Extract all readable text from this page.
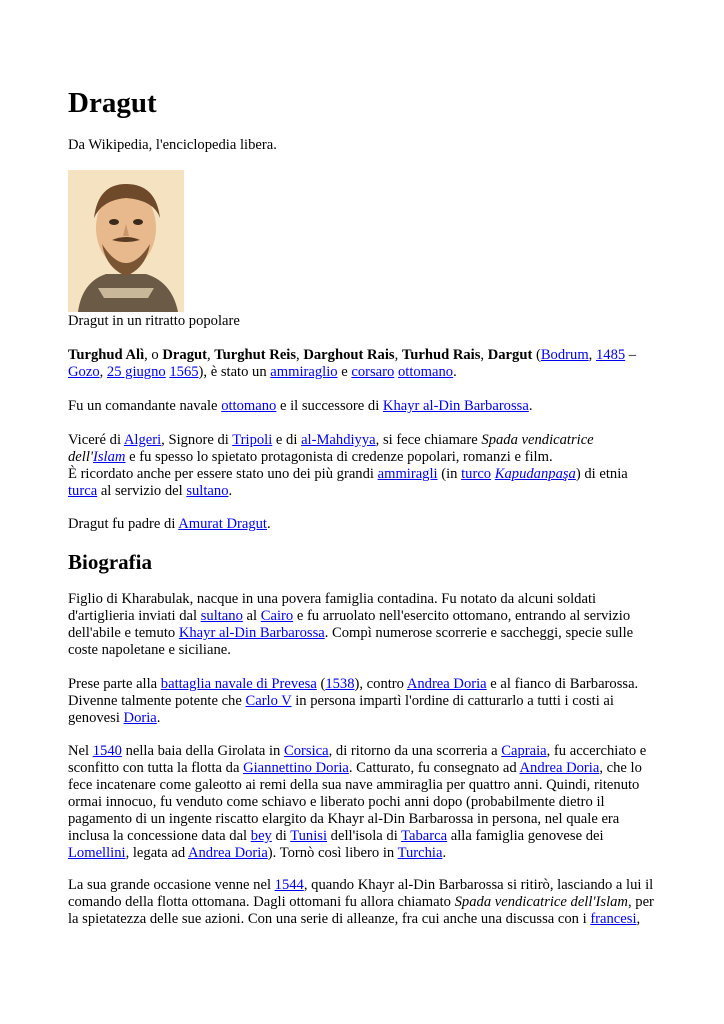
Dragut

Da Wikipedia, l'enciclopedia libera.

Dragut in un ritratto popolare

Turghud Alì, o Dragut, Turghut Reis, Darghout Rais, Turhud Rais, Dargut (Bodrum, 1485 –
Gozo, 25 giugno 1565), è stato un ammiraglio e corsaro ottomano.

Fu un comandante navale ottomano e il successore di Khayr al-Din Barbarossa.

Viceré di Algeri, Signore di Tripoli e di al-Mahdiyya, si fece chiamare Spada vendicatrice
dell'Islam e fu spesso lo spietato protagonista di credenze popolari, romanzi e film.
È ricordato anche per essere stato uno dei più grandi ammiragli (in turco Kapudanpaşa) di etnia
turca al servizio del sultano.

Dragut fu padre di Amurat Dragut.

Biografia

Figlio di Kharabulak, nacque in una povera famiglia contadina. Fu notato da alcuni soldati
d'artiglieria inviati dal sultano al Cairo e fu arruolato nell'esercito ottomano, entrando al servizio
dell'abile e temuto Khayr al-Din Barbarossa. Compì numerose scorrerie e saccheggi, specie sulle
coste napoletane e siciliane.

Prese parte alla battaglia navale di Prevesa (1538), contro Andrea Doria e al fianco di Barbarossa.
Divenne talmente potente che Carlo V in persona impartì l'ordine di catturarlo a tutti i costi ai
genovesi Doria.

Nel 1540 nella baia della Girolata in Corsica, di ritorno da una scorreria a Capraia, fu accerchiato e
sconfitto con tutta la flotta da Giannettino Doria. Catturato, fu consegnato ad Andrea Doria, che lo
fece incatenare come galeotto ai remi della sua nave ammiraglia per quattro anni. Quindi, ritenuto
ormai innocuo, fu venduto come schiavo e liberato pochi anni dopo (probabilmente dietro il
pagamento di un ingente riscatto elargito da Khayr al-Din Barbarossa in persona, nel quale era
inclusa la concessione data dal bey di Tunisi dell'isola di Tabarca alla famiglia genovese dei
Lomellini, legata ad Andrea Doria). Tornò così libero in Turchia.

La sua grande occasione venne nel 1544, quando Khayr al-Din Barbarossa si ritirò, lasciando a lui il
comando della flotta ottomana. Dagli ottomani fu allora chiamato Spada vendicatrice dell'Islam, per
la spietatezza delle sue azioni. Con una serie di alleanze, fra cui anche una discussa con i francesi,
